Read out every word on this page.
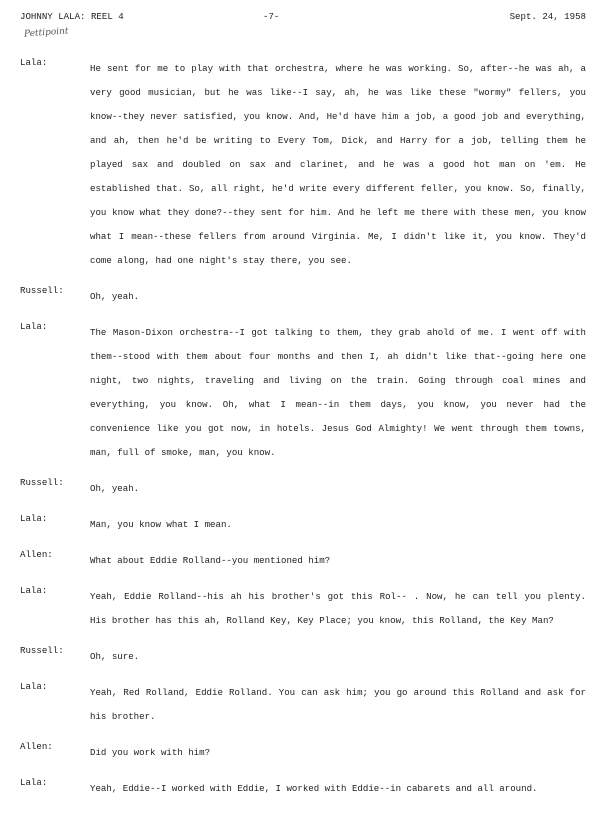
JOHNNY LALA: REEL 4	-7-	Sept. 24, 1958
Pettipoint
Lala:
He sent for me to play with that orchestra, where he was working. So, after--he was ah, a very good musician, but he was like--I say, ah, he was like these "wormy" fellers, you know--they never satisfied, you know. And, He'd have him a job, a good job and everything, and ah, then he'd be writing to Every Tom, Dick, and Harry for a job, telling them he played sax and doubled on sax and clarinet, and he was a good hot man on 'em. He established that. So, all right, he'd write every different feller, you know. So, finally, you know what they done?--they sent for him. And he left me there with these men, you know what I mean--these fellers from around Virginia. Me, I didn't like it, you know. They'd come along, had one night's stay there, you see.
Russell:
Oh, yeah.
Lala:
The Mason-Dixon orchestra--I got talking to them, they grab ahold of me. I went off with them--stood with them about four months and then I, ah didn't like that--going here one night, two nights, traveling and living on the train. Going through coal mines and everything, you know. Oh, what I mean--in them days, you know, you never had the convenience like you got now, in hotels. Jesus God Almighty! We went through them towns, man, full of smoke, man, you know.
Russell:
Oh, yeah.
Lala:
Man, you know what I mean.
Allen:
What about Eddie Rolland--you mentioned him?
Lala:
Yeah, Eddie Rolland--his ah his brother's got this Rol-- . Now, he can tell you plenty. His brother has this ah, Rolland Key, Key Place; you know, this Rolland, the Key Man?
Russell:
Oh, sure.
Lala:
Yeah, Red Rolland, Eddie Rolland. You can ask him; you go around this Rolland and ask for his brother.
Allen:
Did you work with him?
Lala:
Yeah, Eddie--I worked with Eddie, I worked with Eddie--in cabarets and all around.
